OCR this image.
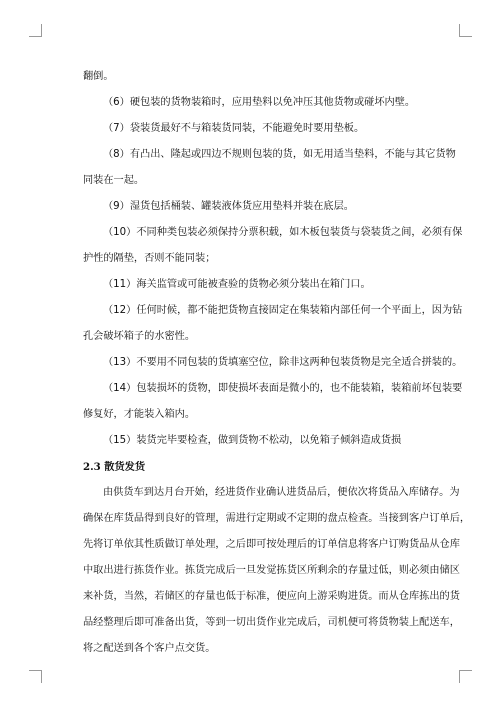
翻倒。
（6）硬包装的货物装箱时，应用垫料以免冲压其他货物或碰坏内壁。
（7）袋装货最好不与箱装货同装，不能避免时要用垫板。
（8）有凸出、隆起或四边不规则包装的货，如无用适当垫料，不能与其它货物
同装在一起。
（9）湿货包括桶装、罐装液体货应用垫料并装在底层。
（10）不同种类包装必须保持分票积载，如木板包装货与袋装货之间，必须有保
护性的隔垫，否则不能同装；
（11）海关监管或可能被查验的货物必须分装出在箱门口。
（12）任何时候，都不能把货物直接固定在集装箱内部任何一个平面上，因为钻
孔会破坏箱子的水密性。
（13）不要用不同包装的货填塞空位，除非这两种包装货物是完全适合拼装的。
（14）包装损坏的货物，即使损坏表面是微小的，也不能装箱，装箱前坏包装要
修复好，才能装入箱内。
（15）装货完毕要检查，做到货物不松动，以免箱子倾斜造成货损
2.3 散货发货
由供货车到达月台开始，经进货作业确认进货品后，便依次将货品入库储存。为
确保在库货品得到良好的管理，需进行定期或不定期的盘点检查。当接到客户订单后，
先将订单依其性质做订单处理，之后即可按处理后的订单信息将客户订购货品从仓库
中取出进行拣货作业。拣货完成后一旦发觉拣货区所剩余的存量过低，则必须由储区
来补货，当然，若储区的存量也低于标准，便应向上游采购进货。而从仓库拣出的货
品经整理后即可准备出货，等到一切出货作业完成后，司机便可将货物装上配送车，
将之配送到各个客户点交货。
